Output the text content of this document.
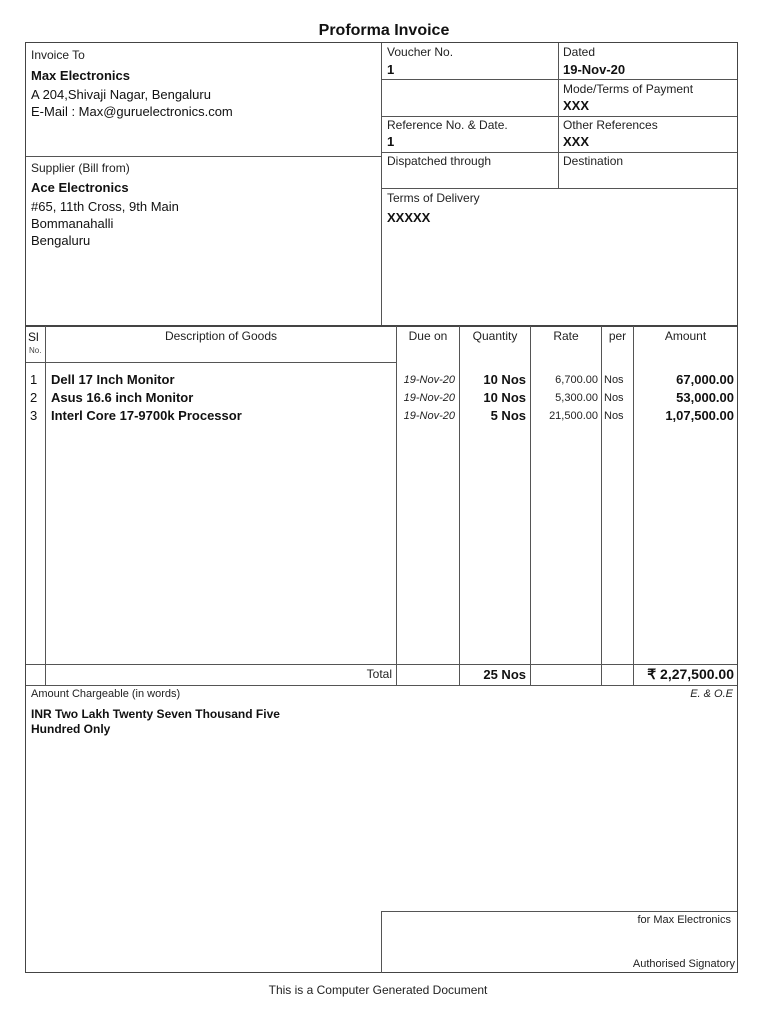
Proforma Invoice
Invoice To
Max Electronics
A 204,Shivaji Nagar, Bengaluru
E-Mail : Max@guruelectronics.com
Supplier (Bill from)
Ace Electronics
#65, 11th Cross, 9th Main
Bommanahalli
Bengaluru
Voucher No.
1
Dated
19-Nov-20
Mode/Terms of Payment
XXX
Reference No. & Date.
1
Other References
XXX
Dispatched through	Destination
Terms of Delivery
XXXXX
Sl
No.
Description of Goods	Due on	Quantity	Rate	per	Amount
1 Dell 17 Inch Monitor	19-Nov-20	10 Nos	6,700.00 Nos	67,000.00
2 Asus 16.6 inch Monitor	19-Nov-20	10 Nos	5,300.00 Nos	53,000.00
3 Interl Core 17-9700k Processor	19-Nov-20	5 Nos	21,500.00 Nos	1,07,500.00
Total	25 Nos	₹ 2,27,500.00
Amount Chargeable (in words)	E. & O.E
INR Two Lakh Twenty Seven Thousand Five
Hundred Only
for Max Electronics
Authorised Signatory
This is a Computer Generated Document
